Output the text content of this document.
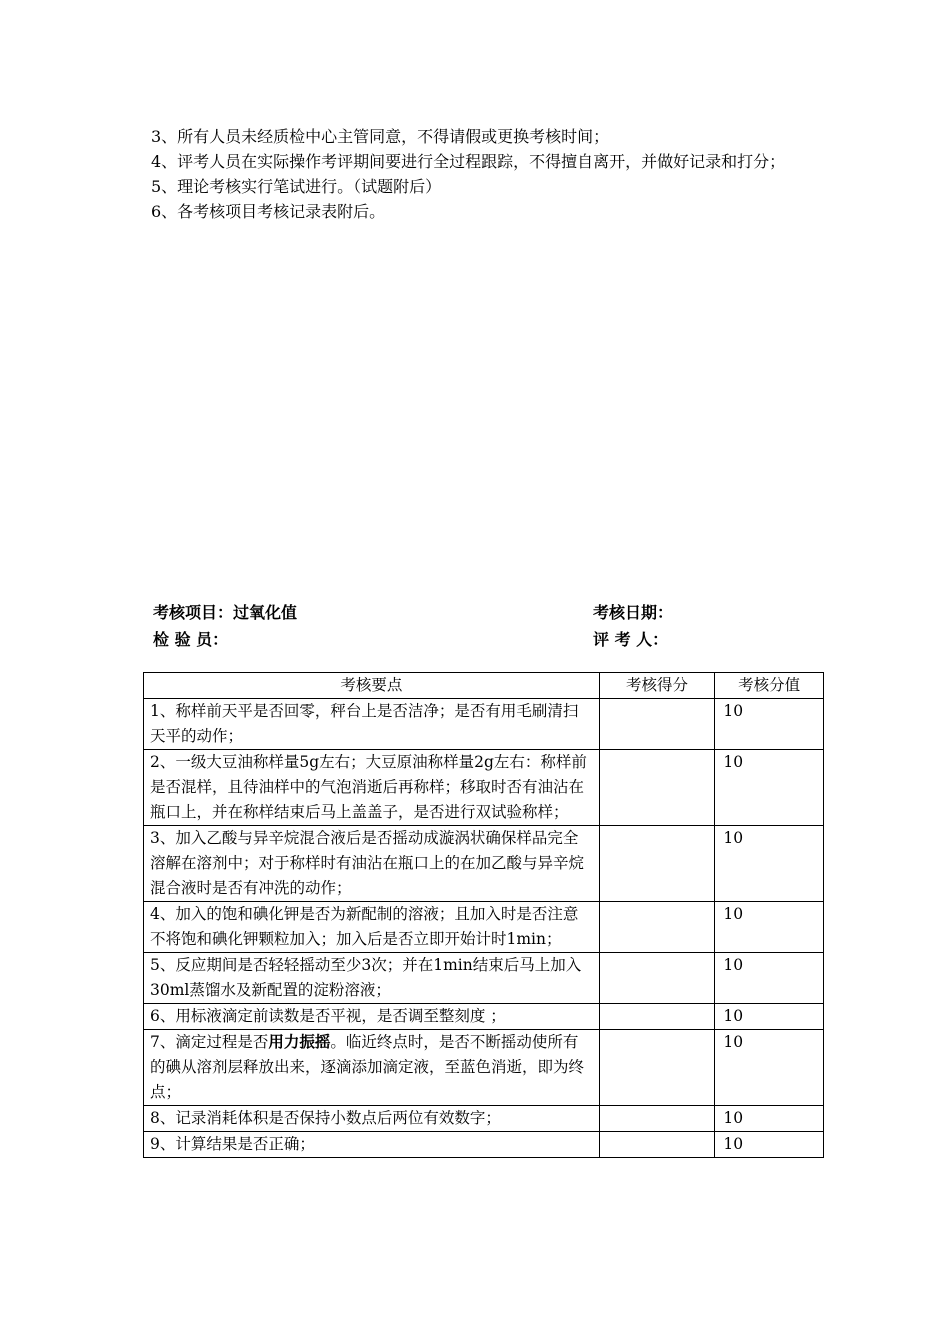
3、所有人员未经质检中心主管同意，不得请假或更换考核时间；

4、评考人员在实际操作考评期间要进行全过程跟踪，不得擅自离开，并做好记录和打分；

5、理论考核实行笔试进行。（试题附后）

6、各考核项目考核记录表附后。

考核项目：过氧化值	考核日期：
检 验 员：	评 考 人：
考核要点	考核得分	考核分值
1、称样前天平是否回零，秤台上是否洁净；是否有用毛刷清扫天平的动作；		10
2、一级大豆油称样量5g左右；大豆原油称样量2g左右：称样前是否混样，且待油样中的气泡消逝后再称样；移取时否有油沾在瓶口上，并在称样结束后马上盖盖子，是否进行双试验称样；		10
3、加入乙酸与异辛烷混合液后是否摇动成漩涡状确保样品完全溶解在溶剂中；对于称样时有油沾在瓶口上的在加乙酸与异辛烷混合液时是否有冲洗的动作；		10
4、加入的饱和碘化钾是否为新配制的溶液；且加入时是否注意不将饱和碘化钾颗粒加入；加入后是否立即开始计时1min；		10
5、反应期间是否轻轻摇动至少3次；并在1min结束后马上加入30ml蒸馏水及新配置的淀粉溶液；		10
6、用标液滴定前读数是否平视，是否调至整刻度 ；		10
7、滴定过程是否用力振摇。临近终点时，是否不断摇动使所有的碘从溶剂层释放出来，逐滴添加滴定液，至蓝色消逝，即为终点；		10
8、记录消耗体积是否保持小数点后两位有效数字；		10
9、计算结果是否正确；		10
